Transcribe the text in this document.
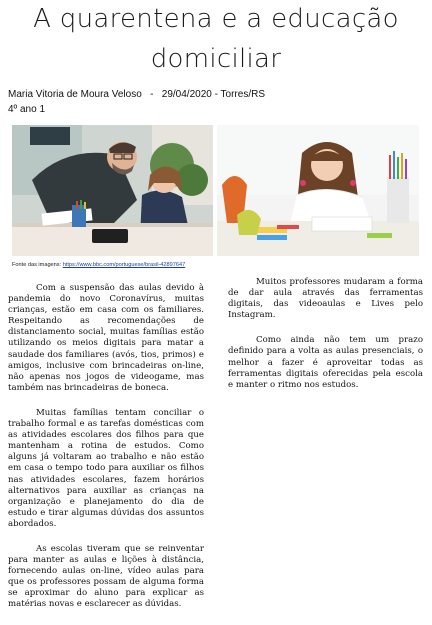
A quarentena e a educação
domiciliar
Maria Vitoria de Moura Veloso   -   29/04/2020 - Torres/RS
4º ano 1
Fonte das imagens: https://www.bbc.com/portuguese/brasil-42897647

Com a suspensão das aulas devido à pandemia do novo Coronavírus, muitas crianças, estão em casa com os familiares. Respeitando as recomendações de distanciamento social, muitas famílias estão utilizando os meios digitais para matar a saudade dos familiares (avós, tios, primos) e amigos, inclusive com brincadeiras on-line, não apenas nos jogos de videogame, mas também nas brincadeiras de boneca.

Muitas famílias tentam conciliar o trabalho formal e as tarefas domésticas com as atividades escolares dos filhos para que mantenham a rotina de estudos. Como alguns já voltaram ao trabalho e não estão em casa o tempo todo para auxiliar os filhos nas atividades escolares, fazem horários alternativos para auxiliar as crianças na organização e planejamento do dia de estudo e tirar algumas dúvidas dos assuntos abordados.

As escolas tiveram que se reinventar para manter as aulas e lições à distância, fornecendo aulas on-line, vídeo aulas para que os professores possam de alguma forma se aproximar do aluno para explicar as matérias novas e esclarecer as dúvidas.

Muitos professores mudaram a forma de dar aula através das ferramentas digitais, das videoaulas e Lives pelo Instagram.

Como ainda não tem um prazo definido para a volta as aulas presenciais, o melhor a fazer é aproveitar todas as ferramentas digitais oferecidas pela escola e manter o ritmo nos estudos.
